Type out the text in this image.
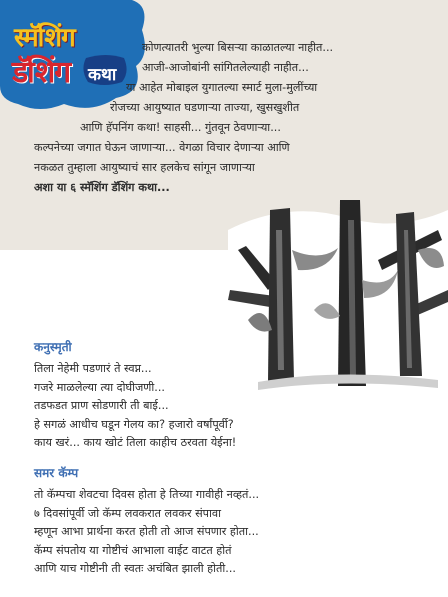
स्मॅशिंग
डॅशिंग कथा
कोणत्यातरी भुल्या बिसऱ्या काळातल्या नाहीत...
आजी-आजोबांनी सांगितलेल्याही नाहीत...
या आहेत मोबाइल युगातल्या स्मार्ट मुला-मुलींच्या
रोजच्या आयुष्यात घडणाऱ्या ताज्या, खुसखुशीत
आणि हॅपनिंग कथा! साहसी... गुंतवून ठेवणाऱ्या...
कल्पनेच्या जगात घेऊन जाणाऱ्या... वेगळा विचार देणाऱ्या आणि
नकळत तुम्हाला आयुष्याचं सार हलकेच सांगून जाणाऱ्या
अशा या ६ स्मॅशिंग डॅशिंग कथा...
कनुस्मृती
तिला नेहेमी पडणारं ते स्वप्न...
गजरे माळलेल्या त्या दोघीजणी...
तडफडत प्राण सोडणारी ती बाई...
हे सगळं आधीच घडून गेलय का? हजारो वर्षांपूर्वी?
काय खरं... काय खोटं तिला काहीच ठरवता येईना!
समर कॅम्प
तो कॅम्पचा शेवटचा दिवस होता हे तिच्या गावीही नव्हतं...
७ दिवसांपूर्वी जो कॅम्प लवकरात लवकर संपावा
म्हणून आभा प्रार्थना करत होती तो आज संपणार होता...
कॅम्प संपतोय या गोष्टीचं आभाला वाईट वाटत होतं
आणि याच गोष्टीनी ती स्वतः अचंबित झाली होती...
